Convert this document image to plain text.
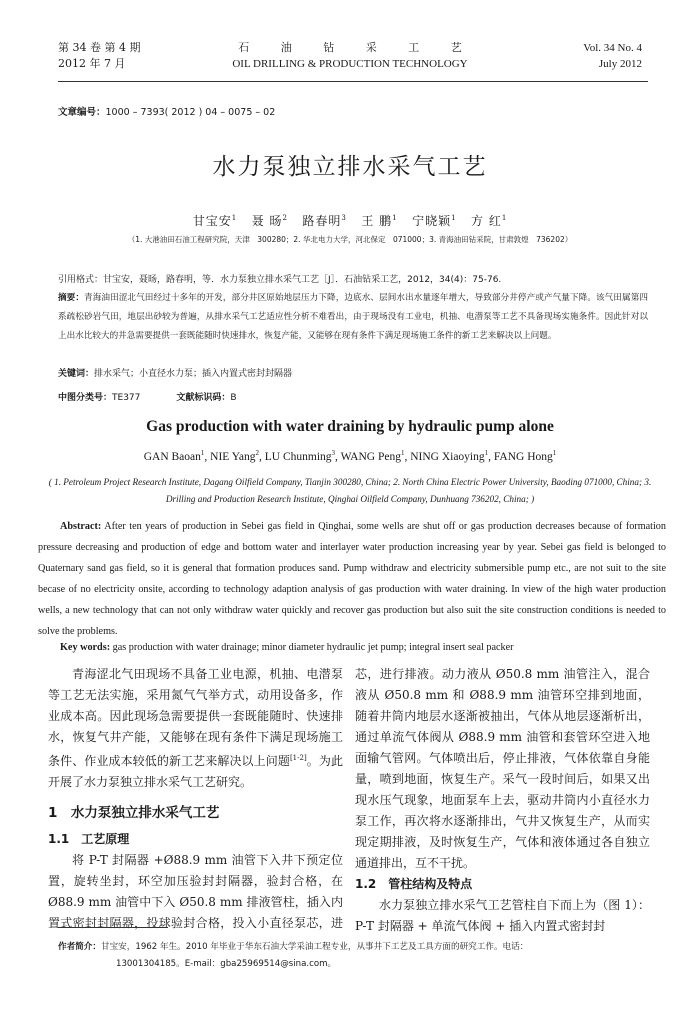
第 34 卷 第 4 期
2012 年 7 月
石 油 钻 采 工 艺
OIL DRILLING & PRODUCTION TECHNOLOGY
Vol. 34 No. 4
July 2012
文章编号：1000 – 7393( 2012 ) 04 – 0075 – 02
水力泵独立排水采气工艺
甘宝安$^1$ 聂 旸$^2$ 路春明$^3$ 王 鹏$^1$ 宁晓颖$^1$ 方 红$^1$
（1. 大港油田石油工程研究院，天津　300280；2. 华北电力大学，河北保定　071000；3. 青海油田钻采院，甘肃敦煌　736202）
引用格式：甘宝安，聂旸，路春明，等．水力泵独立排水采气工艺［J］．石油钻采工艺，2012，34(4)：75-76.
摘要：青海油田涩北气田经过十多年的开发，部分井区原始地层压力下降，边底水、层间水出水量逐年增大，导致部分井停产或产气量下降。该气田属第四系疏松砂岩气田，地层出砂较为普遍，从排水采气工艺适应性分析不难看出，由于现场没有工业电，机抽、电潜泵等工艺不具备现场实施条件。因此针对以上出水比较大的井急需要提供一套既能随时快速排水，恢复产能，又能够在现有条件下满足现场施工条件的新工艺来解决以上问题。
关键词：排水采气；小直径水力泵；插入内置式密封封隔器
中图分类号：TE377	文献标识码：B
Gas production with water draining by hydraulic pump alone
GAN Baoan$^1$, NIE Yang$^2$, LU Chunming$^3$, WANG Peng$^1$, NING Xiaoying$^1$, FANG Hong$^1$
( 1. Petroleum Project Research Institute, Dagang Oilfield Company, Tianjin 300280, China; 2. North China Electric Power University, Baoding 071000, China; 3. Drilling and Production Research Institute, Qinghai Oilfield Company, Dunhuang 736202, China; )
Abstract: After ten years of production in Sebei gas field in Qinghai, some wells are shut off or gas production decreases because of formation pressure decreasing and production of edge and bottom water and interlayer water production increasing year by year. Sebei gas field is belonged to Quaternary sand gas field, so it is general that formation produces sand. Pump withdraw and electricity submersible pump etc., are not suit to the site becase of no electricity onsite, according to technology adaption analysis of gas production with water draining. In view of the high water production wells, a new technology that can not only withdraw water quickly and recover gas production but also suit the site construction conditions is needed to solve the problems.
Key words: gas production with water drainage; minor diameter hydraulic jet pump; integral insert seal packer

青海涩北气田现场不具备工业电源，机抽、电潜泵等工艺无法实施，采用氮气气举方式，动用设备多，作业成本高。因此现场急需要提供一套既能随时、快速排水，恢复气井产能，又能够在现有条件下满足现场施工条件、作业成本较低的新工艺来解决以上问题[1-2]。为此开展了水力泵独立排水采气工艺研究。

1　水力泵独立排水采气工艺
1.1　工艺原理

将 P-T 封隔器 +Ø88.9 mm 油管下入井下预定位置，旋转坐封，环空加压验封封隔器，验封合格，在 Ø88.9 mm 油管中下入 Ø50.8 mm 排液管柱，插入内置式密封封隔器，投球验封合格，投入小直径泵芯，进

芯，进行排液。动力液从 Ø50.8 mm 油管注入，混合液从 Ø50.8 mm 和 Ø88.9 mm 油管环空排到地面，随着井筒内地层水逐渐被抽出，气体从地层逐渐析出，通过单流气体阀从 Ø88.9 mm 油管和套管环空进入地面输气管网。气体喷出后，停止排液，气体依靠自身能量，喷到地面，恢复生产。采气一段时间后，如果又出现水压气现象，地面泵车上去，驱动井筒内小直径水力泵工作，再次将水逐渐排出，气井又恢复生产，从而实现定期排液，及时恢复生产，气体和液体通过各自独立通道排出，互不干扰。

1.2　管柱结构及特点

水力泵独立排水采气工艺管柱自下而上为（图 1）：P-T 封隔器 + 单流气体阀 + 插入内置式密封封

作者简介：甘宝安，1962 年生。2010 年毕业于华东石油大学采油工程专业，从事井下工艺及工具方面的研究工作。电话：
13001304185。E-mail：gba25969514@sina.com。
